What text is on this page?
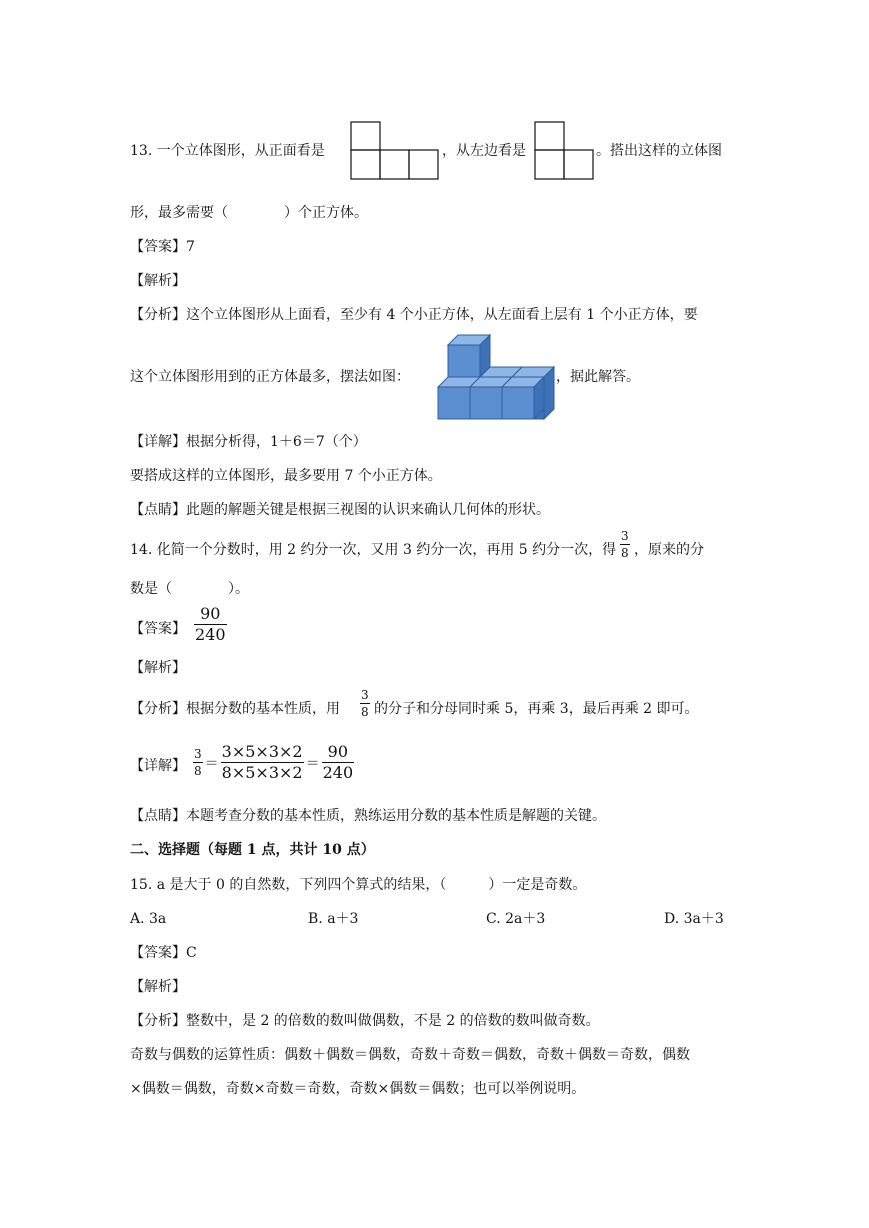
13. 一个立体图形，从正面看是	，从左边看是	。搭出这样的立体图
形，最多需要（　　　　）个正方体。
【答案】7
【解析】
【分析】这个立体图形从上面看，至少有 4 个小正方体，从左面看上层有 1 个小正方体，要
这个立体图形用到的正方体最多，摆法如图：	，据此解答。
【详解】根据分析得，1＋6＝7（个）
要搭成这样的立体图形，最多要用 7 个小正方体。
【点睛】此题的解题关键是根据三视图的认识来确认几何体的形状。
14. 化简一个分数时，用 2 约分一次，又用 3 约分一次，再用 5 约分一次，得 $\frac{3}{8}$ ，原来的分
数是（　　　　）。
【答案】 $\frac{90}{240}$
【解析】
【分析】根据分数的基本性质，用 $\frac{3}{8}$ 的分子和分母同时乘 5，再乘 3，最后再乘 2 即可。
【详解】 $\frac{3}{8} = \frac{3\times 5\times 3\times 2}{8\times 5\times 3\times 2} = \frac{90}{240}$
【点睛】本题考查分数的基本性质，熟练运用分数的基本性质是解题的关键。
二、选择题（每题 1 点，共计 10 点）
15. a 是大于 0 的自然数，下列四个算式的结果，（　　　）一定是奇数。
A. 3a	B. a＋3	C. 2a＋3	D. 3a＋3
【答案】C
【解析】
【分析】整数中，是 2 的倍数的数叫做偶数，不是 2 的倍数的数叫做奇数。
奇数与偶数的运算性质：偶数＋偶数＝偶数，奇数＋奇数＝偶数，奇数＋偶数＝奇数，偶数
×偶数＝偶数，奇数×奇数＝奇数，奇数×偶数＝偶数；也可以举例说明。
